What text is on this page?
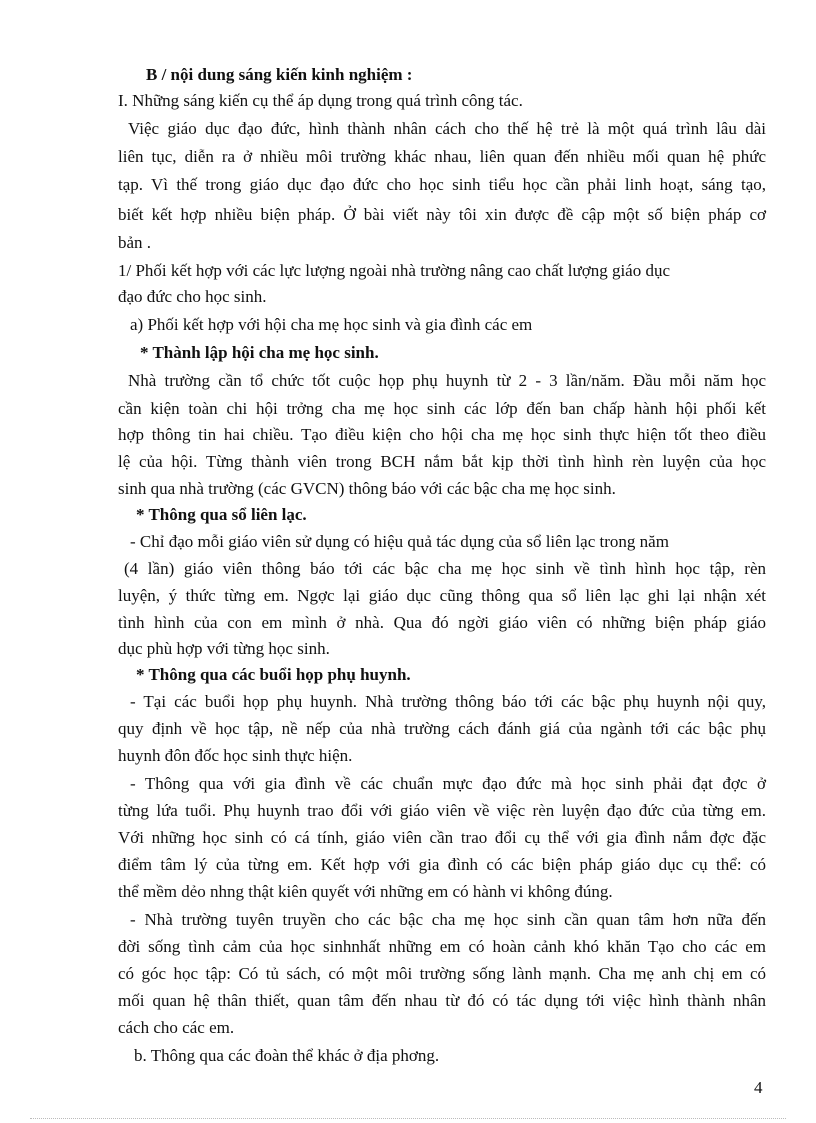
B / nội dung sáng kiến kinh nghiệm :
I. Những sáng kiến cụ thể áp dụng trong quá trình công tác.
Việc giáo dục đạo đức, hình thành nhân cách cho thế hệ trẻ là một quá trình lâu dài
liên tục, diễn ra ở nhiều môi trường khác nhau, liên quan đến nhiều mối quan hệ phức
tạp. Vì thế trong giáo dục đạo đức cho học sinh tiểu học cần phải linh hoạt, sáng tạo,
biết kết hợp nhiều biện pháp. Ở bài viết này tôi xin được đề cập một số biện pháp cơ
bản .
1/ Phối kết hợp với các lực lượng ngoài nhà trường nâng cao chất lượng giáo dục
đạo đức cho học sinh.
a) Phối kết hợp với hội cha mẹ học sinh và gia đình các em
* Thành lập hội cha mẹ học sinh.
Nhà trường cần tổ chức tốt cuộc họp phụ huynh từ 2 - 3 lần/năm. Đầu mỗi năm học
cần kiện toàn chi hội trởng cha mẹ học sinh các lớp đến ban chấp hành hội phối kết
hợp thông tin hai chiều. Tạo điều kiện cho hội cha mẹ học sinh thực hiện tốt theo điều
lệ của hội. Từng thành viên trong BCH nắm bắt kịp thời tình hình rèn luyện của học
sinh qua nhà trường (các GVCN) thông báo với các bậc cha mẹ học sinh.
* Thông qua sổ liên lạc.
- Chỉ đạo mỗi giáo viên sử dụng có hiệu quả tác dụng của sổ liên lạc trong năm
(4 lần) giáo viên thông báo tới các bậc cha mẹ học sinh về tình hình học tập, rèn
luyện, ý thức từng em. Ngợc lại giáo dục cũng thông qua sổ liên lạc ghi lại nhận xét
tình hình của con em mình ở nhà. Qua đó ngời giáo viên có những biện pháp giáo
dục phù hợp với từng học sinh.
* Thông qua các buổi họp phụ huynh.
- Tại các buổi họp phụ huynh. Nhà trường thông báo tới các bậc phụ huynh nội quy,
quy định về học tập, nề nếp của nhà trường cách đánh giá của ngành tới các bậc phụ
huynh đôn đốc học sinh thực hiện.
- Thông qua với gia đình về các chuẩn mực đạo đức mà học sinh phải đạt đợc ở
từng lứa tuổi. Phụ huynh trao đổi với giáo viên về việc rèn luyện đạo đức của từng em.
Với những học sinh có cá tính, giáo viên cần trao đổi cụ thể với gia đình nắm đợc đặc
điểm tâm lý của từng em. Kết hợp với gia đình có các biện pháp giáo dục cụ thể: có
thể mềm dẻo nhng thật kiên quyết với những em có hành vi không đúng.
- Nhà trường tuyên truyền cho các bậc cha mẹ học sinh cần quan tâm hơn nữa đến
đời sống tình cảm của học sinhnhất những em có hoàn cảnh khó khăn Tạo cho các em
có góc học tập: Có tủ sách, có một môi trường sống lành mạnh. Cha mẹ anh chị em có
mối quan hệ thân thiết, quan tâm đến nhau từ đó có tác dụng tới việc hình thành nhân
cách cho các em.
b. Thông qua các đoàn thể khác ở địa phơng.
4
